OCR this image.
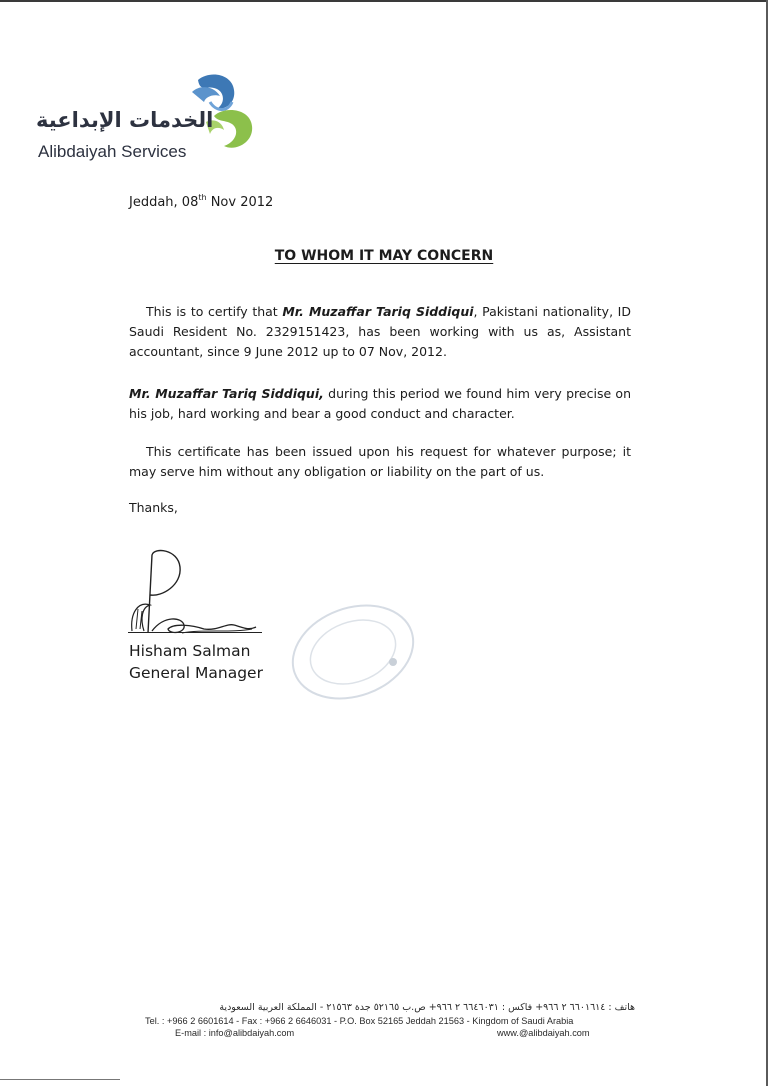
الخدمات الإبداعية
Alibdaiyah Services
Jeddah, 08th Nov 2012
TO WHOM IT MAY CONCERN

This is to certify that Mr. Muzaffar Tariq Siddiqui, Pakistani nationality, ID Saudi Resident No. 2329151423, has been working with us as, Assistant accountant, since 9 June 2012 up to 07 Nov, 2012.

Mr. Muzaffar Tariq Siddiqui, during this period we found him very precise on his job, hard working and bear a good conduct and character.

This certificate has been issued upon his request for whatever purpose; it may serve him without any obligation or liability on the part of us.

Thanks,
Hisham Salman
General Manager
هاتف : ٦٦٠١٦١٤ ٢ ٩٦٦+ فاكس : ٦٦٤٦٠٣١ ٢ ٩٦٦+ ص.ب ٥٢١٦٥ جدة ٢١٥٦٣ - المملكة العربية السعودية
Tel. : +966 2 6601614 - Fax : +966 2 6646031 - P.O. Box 52165 Jeddah 21563 - Kingdom of Saudi Arabia
E-mail : info@alibdaiyah.com	www.@alibdaiyah.com
